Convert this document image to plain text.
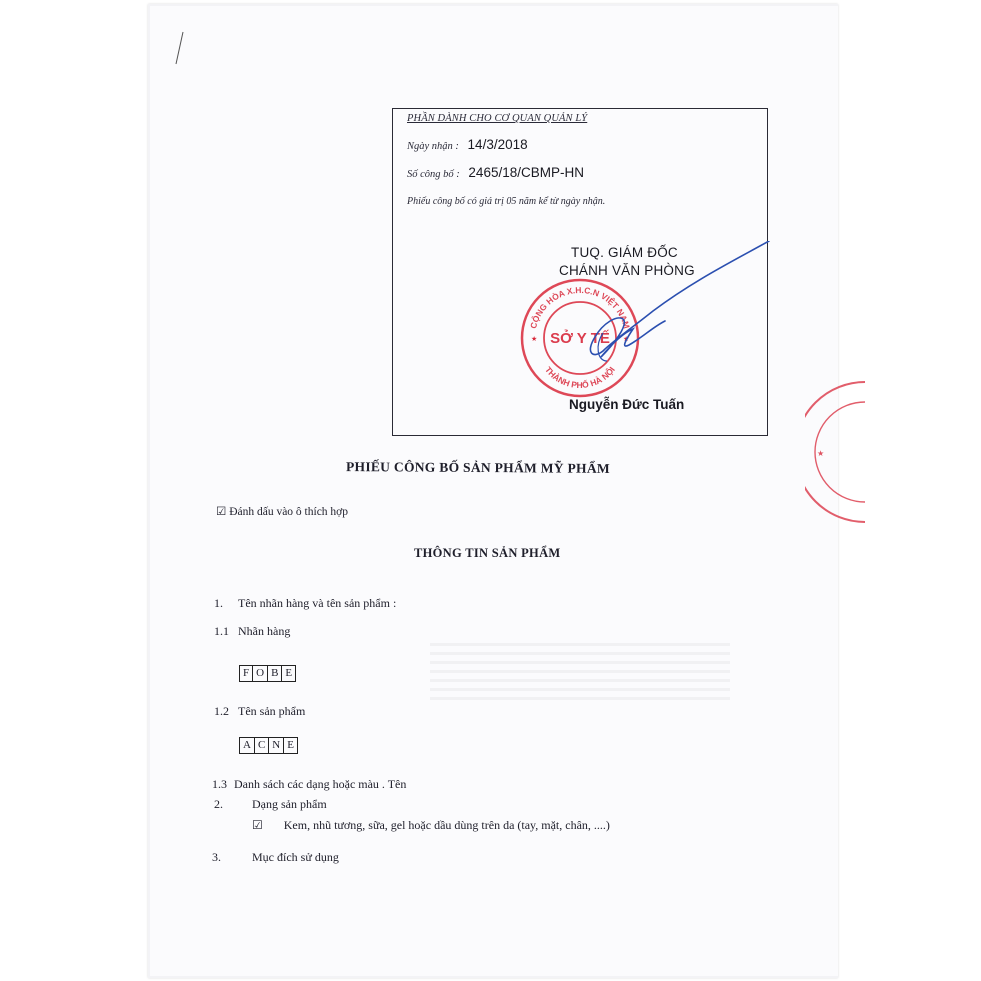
PHẦN DÀNH CHO CƠ QUAN QUẢN LÝ
Ngày nhận : 14/3/2018
Số công bố : 2465/18/CBMP-HN
Phiếu công bố có giá trị 05 năm kể từ ngày nhận.
TUQ. GIÁM ĐỐC
CHÁNH VĂN PHÒNG
CỘNG HÒA X.H.C.N VIỆT NAM
THÀNH PHỐ HÀ NỘI
SỞ Y TẾ
★	★
Nguyễn Đức Tuấn
★
PHIẾU CÔNG BỐ SẢN PHẨM MỸ PHẨM
☑ Đánh dấu vào ô thích hợp
THÔNG TIN SẢN PHẨM
1. Tên nhãn hàng và tên sản phẩm :
1.1 Nhãn hàng
F O B E
1.2 Tên sản phẩm
A C N E
1.3 Danh sách các dạng hoặc màu . Tên
2. Dạng sản phẩm
☑ Kem, nhũ tương, sữa, gel hoặc dầu dùng trên da (tay, mặt, chân, ....)
3.	Mục đích sử dụng
